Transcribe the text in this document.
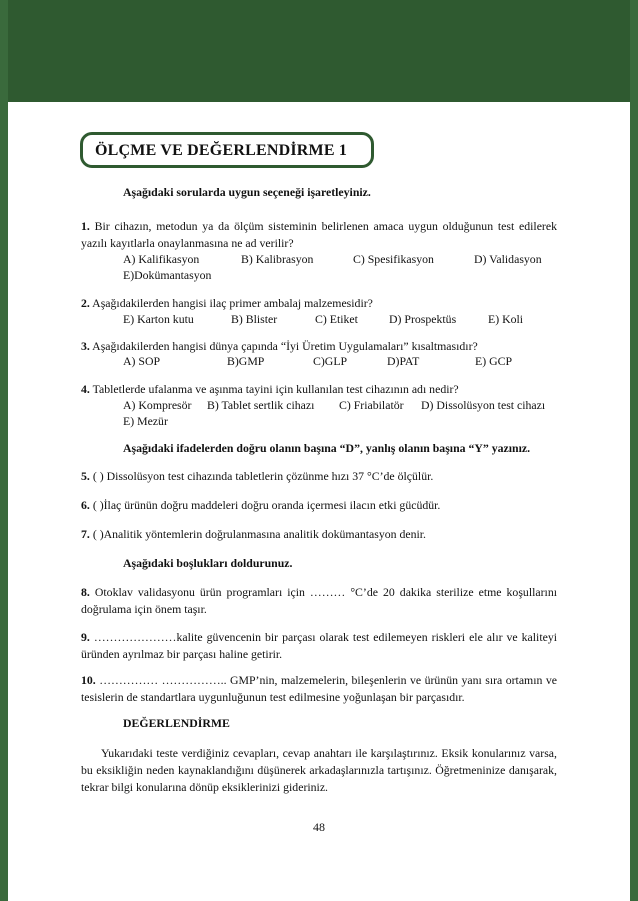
ÖLÇME VE DEĞERLENDİRME 1
Aşağıdaki sorularda uygun seçeneği işaretleyiniz.
1. Bir cihazın, metodun ya da ölçüm sisteminin belirlenen amaca uygun olduğunun test edilerek yazılı kayıtlarla onaylanmasına ne ad verilir?
A) Kalifikasyon	B) Kalibrasyon	C) Spesifikasyon	D) Validasyon
E)Dokümantasyon
2. Aşağıdakilerden hangisi ilaç primer ambalaj malzemesidir?
E) Karton kutu	B) Blister	C) Etiket	D) Prospektüs	E) Koli
3. Aşağıdakilerden hangisi dünya çapında “İyi Üretim Uygulamaları” kısaltmasıdır?
A) SOP	B)GMP	C)GLP	D)PAT	E) GCP
4. Tabletlerde ufalanma ve aşınma tayini için kullanılan test cihazının adı nedir?
A) Kompresör B) Tablet sertlik cihazı C) Friabilatör D) Dissolüsyon test cihazı
E) Mezür
Aşağıdaki ifadelerden doğru olanın başına “D”, yanlış olanın başına “Y” yazınız.
5. ( ) Dissolüsyon test cihazında tabletlerin çözünme hızı 37 °C’de ölçülür.
6. ( )İlaç ürünün doğru maddeleri doğru oranda içermesi ilacın etki gücüdür.
7. ( )Analitik yöntemlerin doğrulanmasına analitik dokümantasyon denir.
Aşağıdaki boşlukları doldurunuz.
8. Otoklav validasyonu ürün programları için ……… °C’de 20 dakika sterilize etme koşullarını doğrulama için önem taşır.
9. …………………kalite güvencenin bir parçası olarak test edilemeyen riskleri ele alır ve kaliteyi üründen ayrılmaz bir parçası haline getirir.
10. …………… …………….. GMP’nin, malzemelerin, bileşenlerin ve ürünün yanı sıra ortamın ve tesislerin de standartlara uygunluğunun test edilmesine yoğunlaşan bir parçasıdır.
DEĞERLENDİRME
Yukarıdaki teste verdiğiniz cevapları, cevap anahtarı ile karşılaştırınız. Eksik konularınız varsa, bu eksikliğin neden kaynaklandığını düşünerek arkadaşlarınızla tartışınız. Öğretmeninize danışarak, tekrar bilgi konularına dönüp eksiklerinizi gideriniz.
48
